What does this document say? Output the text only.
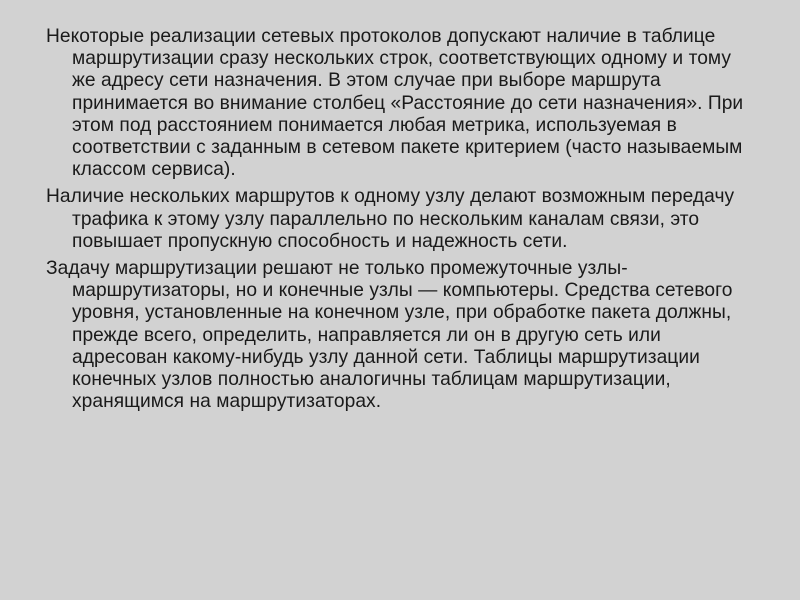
Некоторые реализации сетевых протоколов допускают наличие в таблице маршрутизации сразу нескольких строк, соответствующих одному и тому же адресу сети назначения. В этом случае при выборе маршрута принимается во внимание столбец «Расстояние до сети назначения». При этом под расстоянием понимается любая метрика, используемая в соответствии с заданным в сетевом пакете критерием (часто называемым классом сервиса).

Наличие нескольких маршрутов к одному узлу делают возможным передачу трафика к этому узлу параллельно по нескольким каналам связи, это повышает пропускную способность и надежность сети.

Задачу маршрутизации решают не только промежуточные узлы-маршрутизаторы, но и конечные узлы — компьютеры. Средства сетевого уровня, установленные на конечном узле, при обработке пакета должны, прежде всего, определить, направляется ли он в другую сеть или адресован какому-нибудь узлу данной сети. Таблицы маршрутизации конечных узлов полностью аналогичны таблицам маршрутизации, хранящимся на маршрутизаторах.
